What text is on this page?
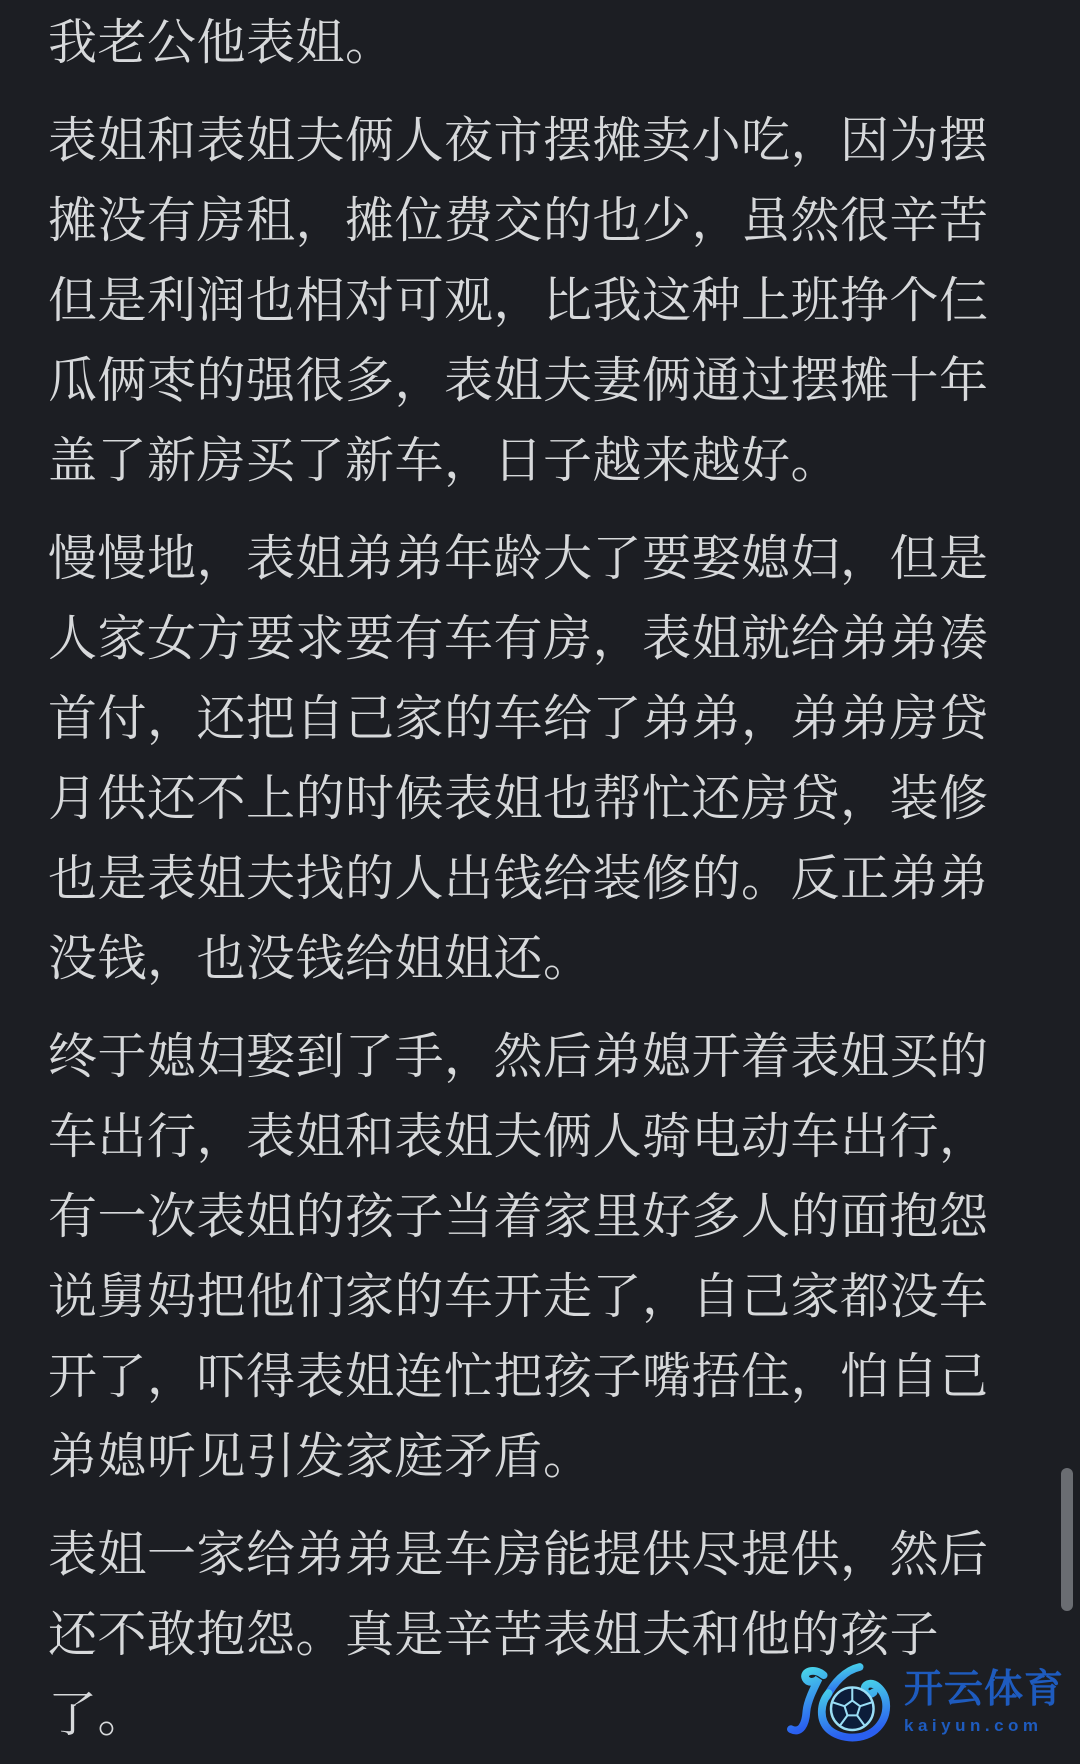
我老公他表姐。

表姐和表姐夫俩人夜市摆摊卖小吃，因为摆
摊没有房租，摊位费交的也少，虽然很辛苦
但是利润也相对可观，比我这种上班挣个仨
瓜俩枣的强很多，表姐夫妻俩通过摆摊十年
盖了新房买了新车，日子越来越好。

慢慢地，表姐弟弟年龄大了要娶媳妇，但是
人家女方要求要有车有房，表姐就给弟弟凑
首付，还把自己家的车给了弟弟，弟弟房贷
月供还不上的时候表姐也帮忙还房贷，装修
也是表姐夫找的人出钱给装修的。反正弟弟
没钱，也没钱给姐姐还。

终于媳妇娶到了手，然后弟媳开着表姐买的
车出行，表姐和表姐夫俩人骑电动车出行，
有一次表姐的孩子当着家里好多人的面抱怨
说舅妈把他们家的车开走了，自己家都没车
开了，吓得表姐连忙把孩子嘴捂住，怕自己
弟媳听见引发家庭矛盾。

表姐一家给弟弟是车房能提供尽提供，然后
还不敢抱怨。真是辛苦表姐夫和他的孩子
了。	开云体育
kaiyun.com
